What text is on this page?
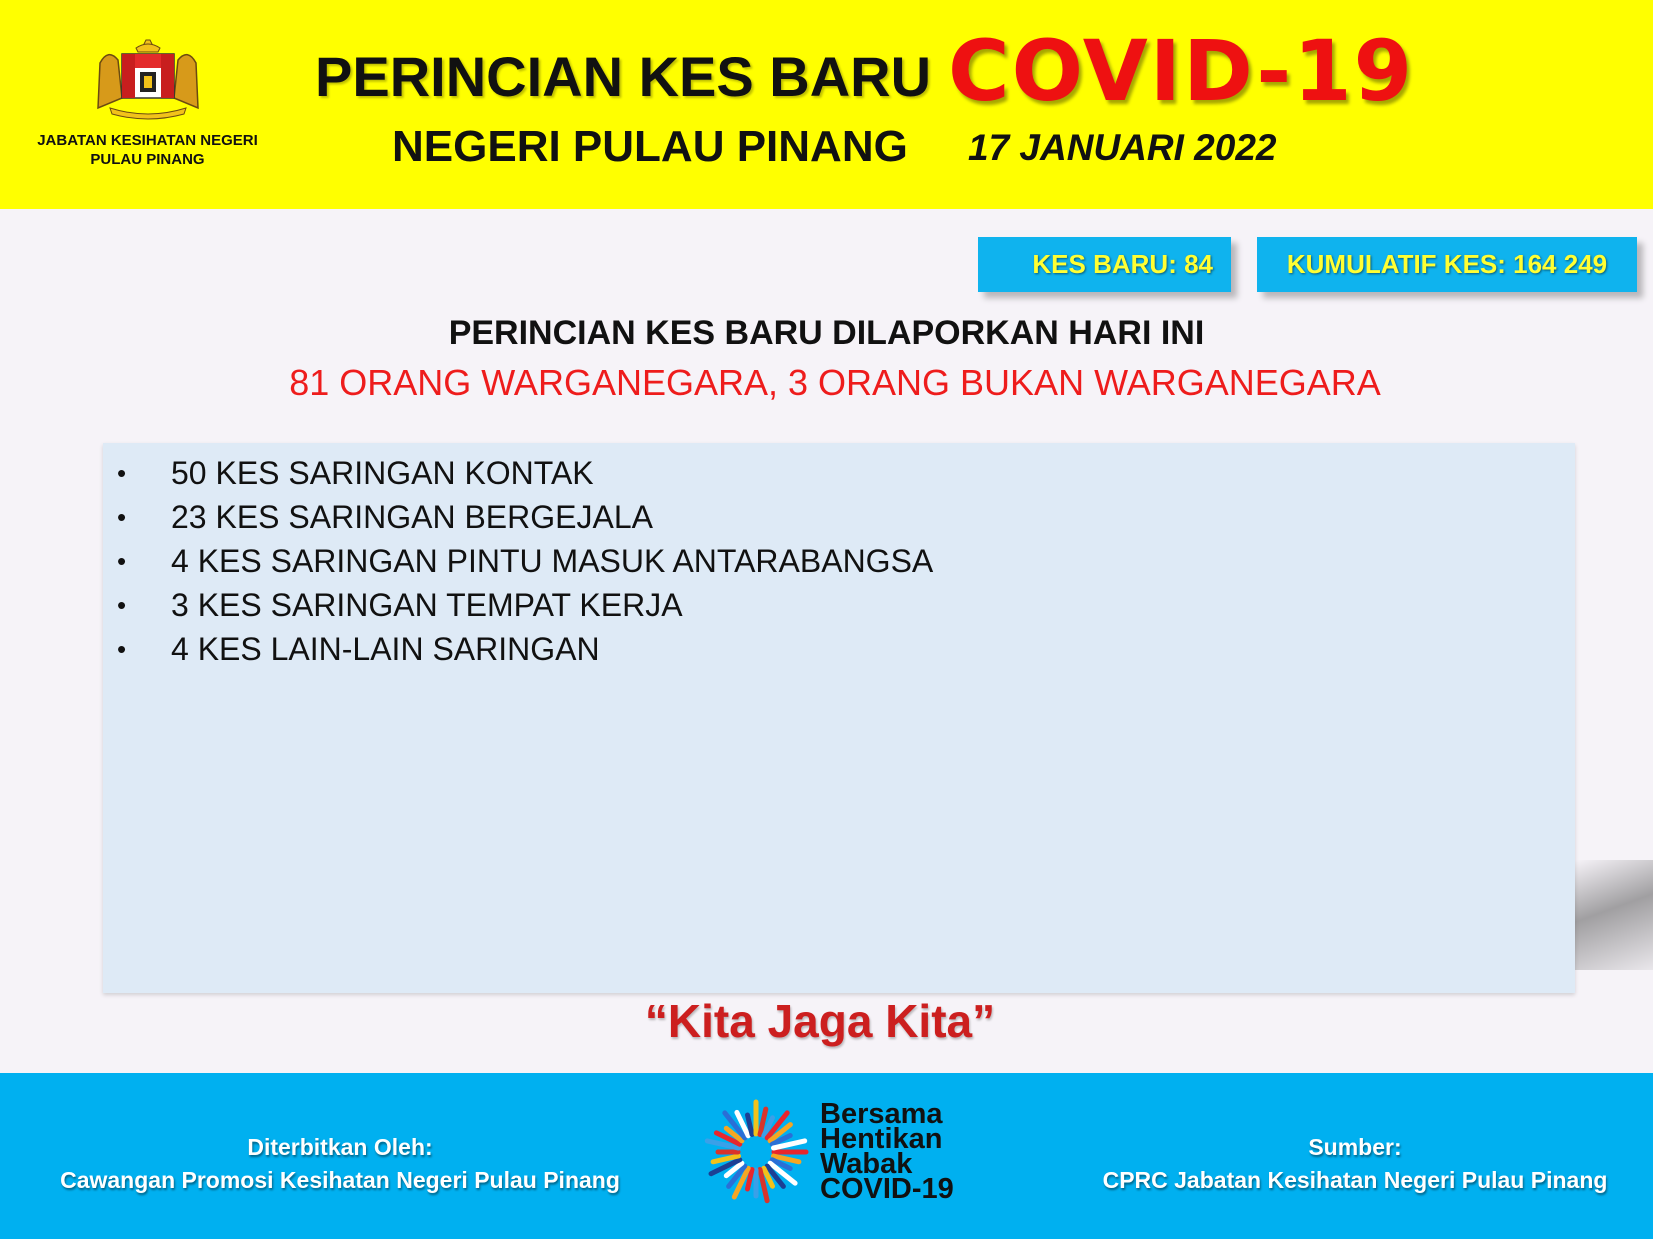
JABATAN KESIHATAN NEGERI
PULAU PINANG
PERINCIAN KES BARU COVID-19
NEGERI PULAU PINANG 17 JANUARI 2022
KES BARU: 84	KUMULATIF KES: 164 249
PERINCIAN KES BARU DILAPORKAN HARI INI
81 ORANG WARGANEGARA, 3 ORANG BUKAN WARGANEGARA
• 50 KES SARINGAN KONTAK
• 23 KES SARINGAN BERGEJALA
• 4 KES SARINGAN PINTU MASUK ANTARABANGSA
• 3 KES SARINGAN TEMPAT KERJA
• 4 KES LAIN-LAIN SARINGAN
“Kita Jaga Kita”
Diterbitkan Oleh:
Cawangan Promosi Kesihatan Negeri Pulau Pinang
Sumber:
CPRC Jabatan Kesihatan Negeri Pulau Pinang
Bersama
Hentikan
Wabak
COVID-19
